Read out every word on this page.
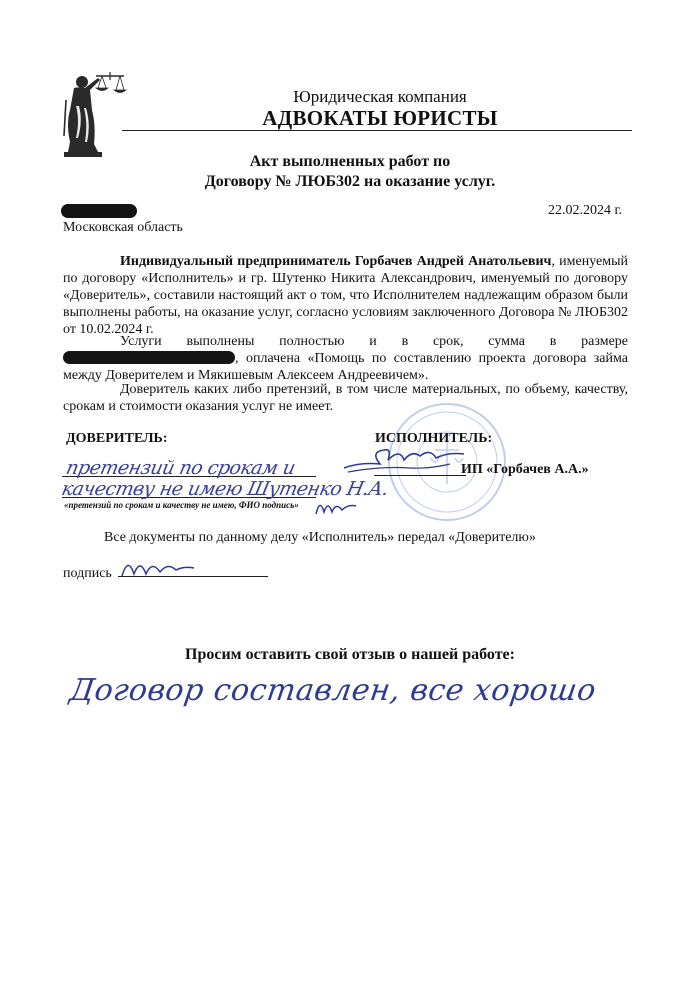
Юридическая компания
АДВОКАТЫ ЮРИСТЫ
Акт выполненных работ по
Договору № ЛЮБ302 на оказание услуг.
Московская область
22.02.2024 г.
Индивидуальный предприниматель Горбачев Андрей Анатольевич, именуемый по договору «Исполнитель» и гр. Шутенко Никита Александрович, именуемый по договору «Доверитель», составили настоящий акт о том, что Исполнителем надлежащим образом были выполнены работы, на оказание услуг, согласно условиям заключенного Договора № ЛЮБ302 от 10.02.2024 г.
Услуги выполнены полностью и в срок, сумма в размере, оплачена «Помощь по составлению проекта договора займа между Доверителем и Мякишевым Алексеем Андреевичем».
Доверитель каких либо претензий, в том числе материальных, по объему, качеству, срокам и стоимости оказания услуг не имеет.
ДОВЕРИТЕЛЬ:	ИСПОЛНИТЕЛЬ:
ИП «Горбачев А.А.»
претензий по срокам и
качеству не имею Шутенко Н.А.
«претензий по срокам и качеству не имею, ФИО подпись»
Все документы по данному делу «Исполнитель» передал «Доверителю»
подпись
Просим оставить свой отзыв о нашей работе:
Договор составлен, все хорошо
